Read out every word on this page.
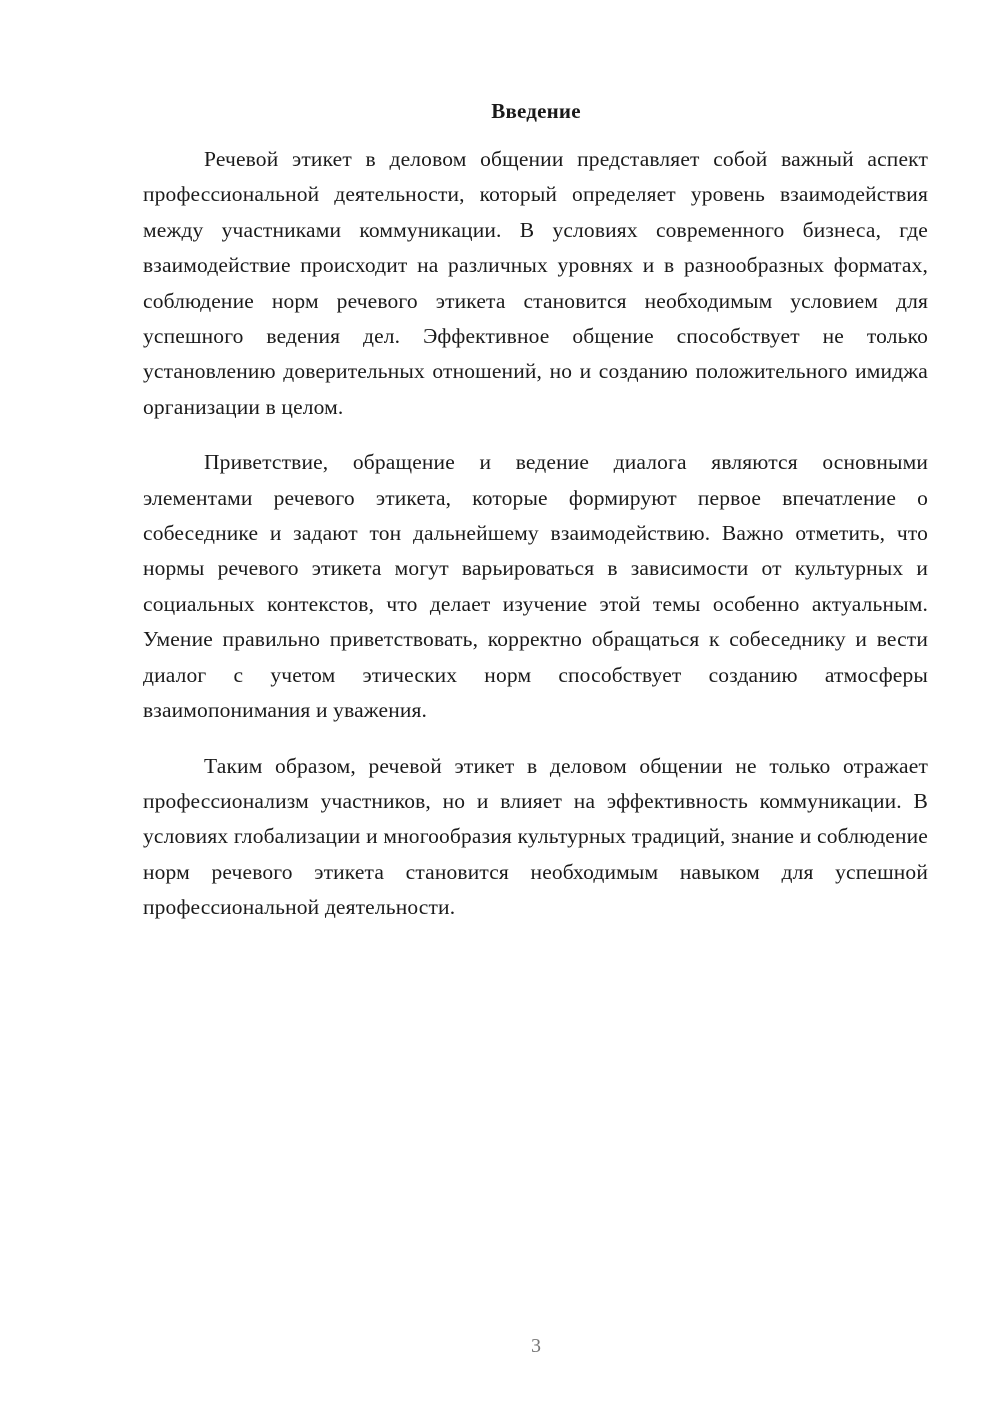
Введение

Речевой этикет в деловом общении представляет собой важный аспект профессиональной деятельности, который определяет уровень взаимодействия между участниками коммуникации. В условиях современного бизнеса, где взаимодействие происходит на различных уровнях и в разнообразных форматах, соблюдение норм речевого этикета становится необходимым условием для успешного ведения дел. Эффективное общение способствует не только установлению доверительных отношений, но и созданию положительного имиджа организации в целом.

Приветствие, обращение и ведение диалога являются основными элементами речевого этикета, которые формируют первое впечатление о собеседнике и задают тон дальнейшему взаимодействию. Важно отметить, что нормы речевого этикета могут варьироваться в зависимости от культурных и социальных контекстов, что делает изучение этой темы особенно актуальным. Умение правильно приветствовать, корректно обращаться к собеседнику и вести диалог с учетом этических норм способствует созданию атмосферы взаимопонимания и уважения.

Таким образом, речевой этикет в деловом общении не только отражает профессионализм участников, но и влияет на эффективность коммуникации. В условиях глобализации и многообразия культурных традиций, знание и соблюдение норм речевого этикета становится необходимым навыком для успешной профессиональной деятельности.

3
